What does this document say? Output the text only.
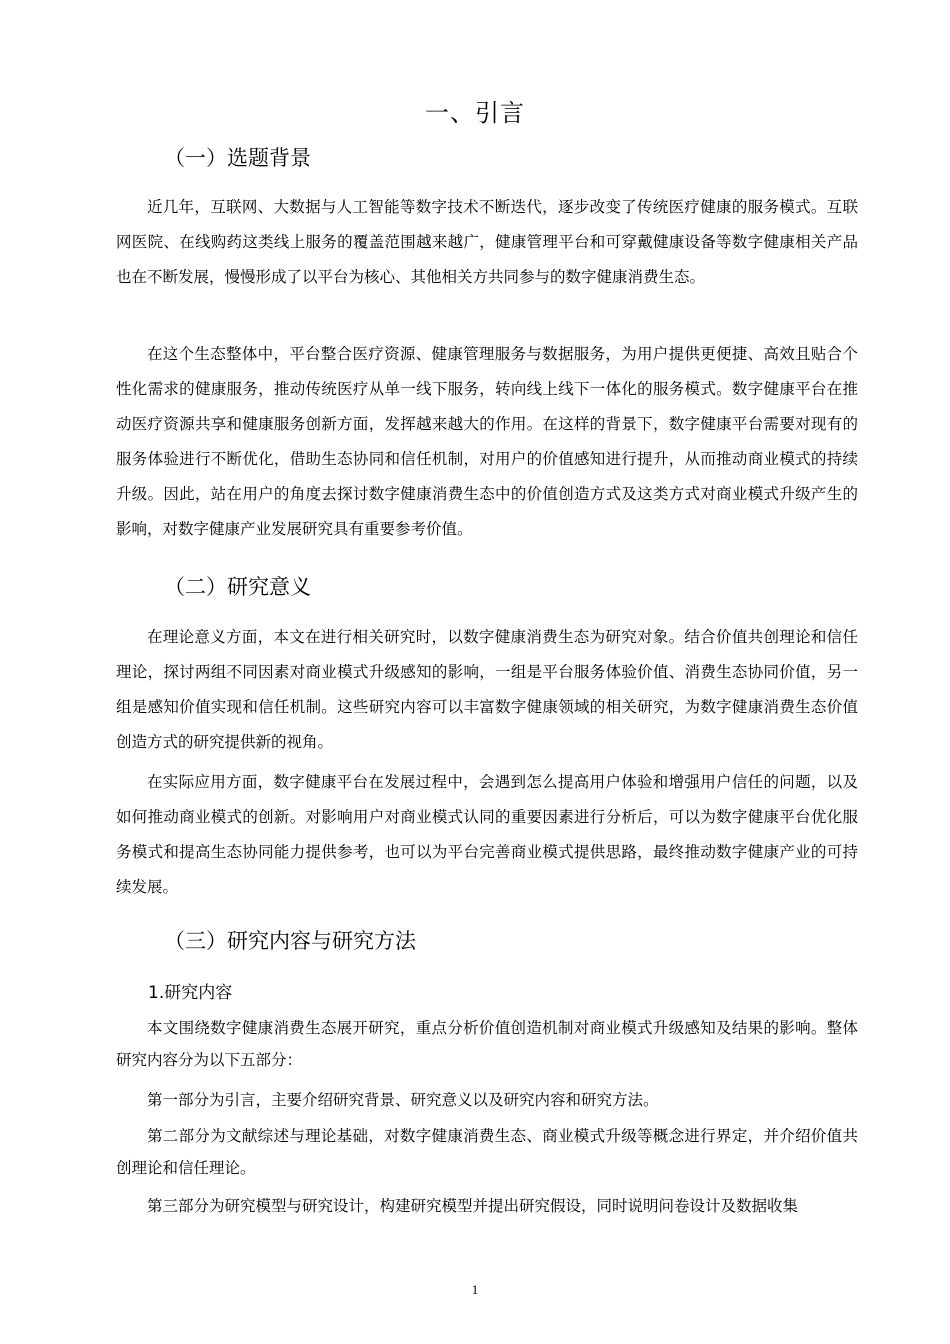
一、引言
（一）选题背景

近几年，互联网、大数据与人工智能等数字技术不断迭代，逐步改变了传统医疗健康的服务模式。互联网医院、在线购药这类线上服务的覆盖范围越来越广，健康管理平台和可穿戴健康设备等数字健康相关产品也在不断发展，慢慢形成了以平台为核心、其他相关方共同参与的数字健康消费生态。

在这个生态整体中，平台整合医疗资源、健康管理服务与数据服务，为用户提供更便捷、高效且贴合个性化需求的健康服务，推动传统医疗从单一线下服务，转向线上线下一体化的服务模式。数字健康平台在推动医疗资源共享和健康服务创新方面，发挥越来越大的作用。在这样的背景下，数字健康平台需要对现有的服务体验进行不断优化，借助生态协同和信任机制，对用户的价值感知进行提升，从而推动商业模式的持续升级。因此，站在用户的角度去探讨数字健康消费生态中的价值创造方式及这类方式对商业模式升级产生的影响，对数字健康产业发展研究具有重要参考价值。

（二）研究意义

在理论意义方面，本文在进行相关研究时，以数字健康消费生态为研究对象。结合价值共创理论和信任理论，探讨两组不同因素对商业模式升级感知的影响，一组是平台服务体验价值、消费生态协同价值，另一组是感知价值实现和信任机制。这些研究内容可以丰富数字健康领域的相关研究，为数字健康消费生态价值创造方式的研究提供新的视角。

在实际应用方面，数字健康平台在发展过程中，会遇到怎么提高用户体验和增强用户信任的问题，以及如何推动商业模式的创新。对影响用户对商业模式认同的重要因素进行分析后，可以为数字健康平台优化服务模式和提高生态协同能力提供参考，也可以为平台完善商业模式提供思路，最终推动数字健康产业的可持续发展。

（三）研究内容与研究方法
1.研究内容

本文围绕数字健康消费生态展开研究，重点分析价值创造机制对商业模式升级感知及结果的影响。整体研究内容分为以下五部分：

第一部分为引言，主要介绍研究背景、研究意义以及研究内容和研究方法。

第二部分为文献综述与理论基础，对数字健康消费生态、商业模式升级等概念进行界定，并介绍价值共创理论和信任理论。

第三部分为研究模型与研究设计，构建研究模型并提出研究假设，同时说明问卷设计及数据收集

1
